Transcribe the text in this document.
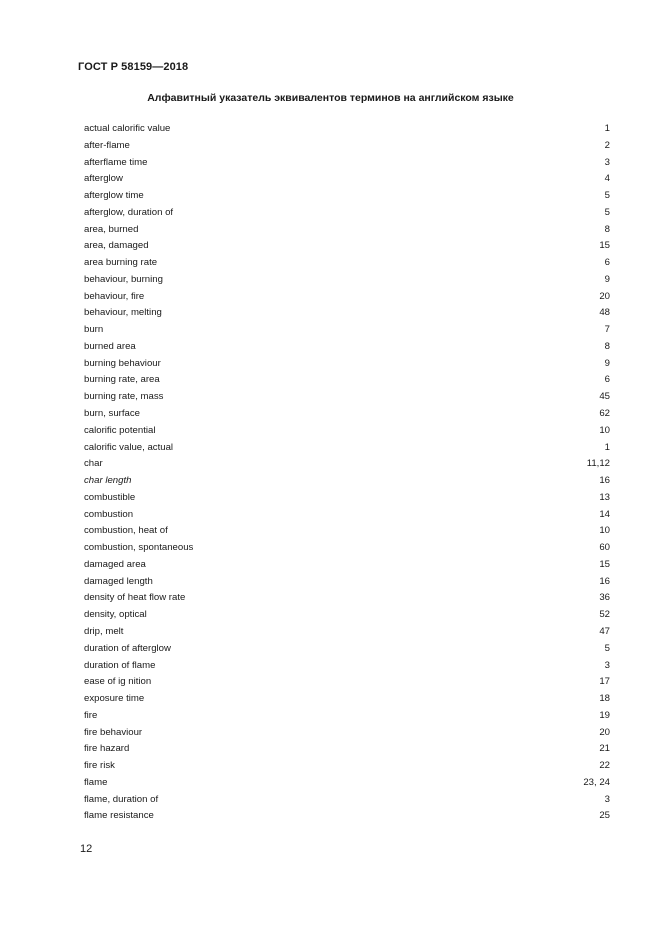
ГОСТ Р 58159—2018
Алфавитный указатель эквивалентов терминов на английском языке
actual calorific value	1
after-flame	2
afterflame time	3
afterglow	4
afterglow time	5
afterglow, duration of	5
area, burned	8
area, damaged	15
area burning rate	6
behaviour, burning	9
behaviour, fire	20
behaviour, melting	48
burn	7
burned area	8
burning behaviour	9
burning rate, area	6
burning rate, mass	45
burn, surface	62
calorific potential	10
calorific value, actual	1
char	11,12
char length	16
combustible	13
combustion	14
combustion, heat of	10
combustion, spontaneous	60
damaged area	15
damaged length	16
density of heat flow rate	36
density, optical	52
drip, melt	47
duration of afterglow	5
duration of flame	3
ease of ig nition	17
exposure time	18
fire	19
fire behaviour	20
fire hazard	21
fire risk	22
flame	23, 24
flame, duration of	3
flame resistance	25
12
